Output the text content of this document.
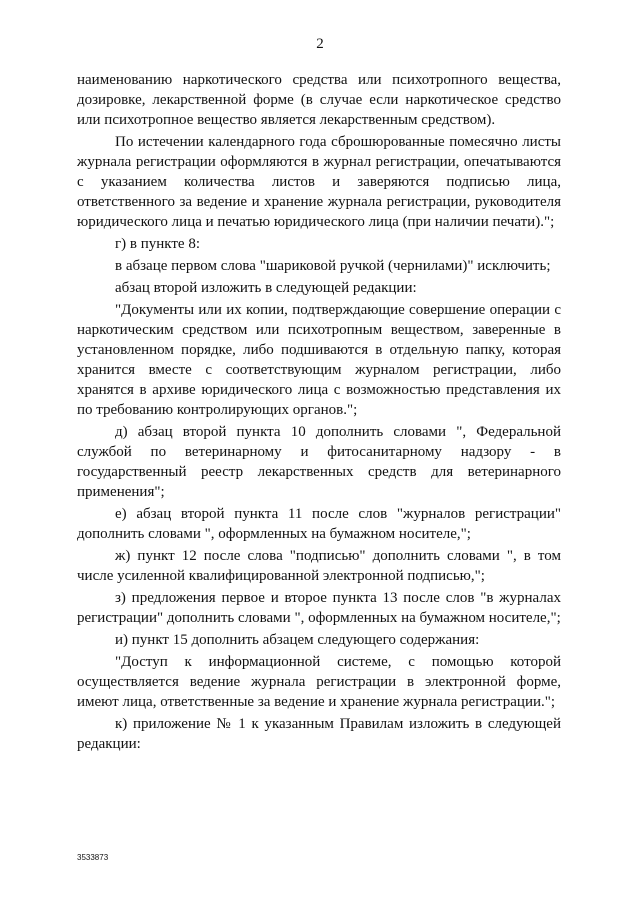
2

наименованию наркотического средства или психотропного вещества, дозировке, лекарственной форме (в случае если наркотическое средство или психотропное вещество является лекарственным средством).

По истечении календарного года сброшюрованные помесячно листы журнала регистрации оформляются в журнал регистрации, опечатываются с указанием количества листов и заверяются подписью лица, ответственного за ведение и хранение журнала регистрации, руководителя юридического лица и печатью юридического лица (при наличии печати).";

г) в пункте 8:

в абзаце первом слова "шариковой ручкой (чернилами)" исключить;

абзац второй изложить в следующей редакции:

"Документы или их копии, подтверждающие совершение операции с наркотическим средством или психотропным веществом, заверенные в установленном порядке, либо подшиваются в отдельную папку, которая хранится вместе с соответствующим журналом регистрации, либо хранятся в архиве юридического лица с возможностью представления их по требованию контролирующих органов.";

д) абзац второй пункта 10 дополнить словами ", Федеральной службой по ветеринарному и фитосанитарному надзору - в государственный реестр лекарственных средств для ветеринарного применения";

е) абзац второй пункта 11 после слов "журналов регистрации" дополнить словами ", оформленных на бумажном носителе,";

ж) пункт 12 после слова "подписью" дополнить словами ", в том числе усиленной квалифицированной электронной подписью,";

з) предложения первое и второе пункта 13 после слов "в журналах регистрации" дополнить словами ", оформленных на бумажном носителе,";

и) пункт 15 дополнить абзацем следующего содержания:

"Доступ к информационной системе, с помощью которой осуществляется ведение журнала регистрации в электронной форме, имеют лица, ответственные за ведение и хранение журнала регистрации.";

к) приложение № 1 к указанным Правилам изложить в следующей редакции:

3533873
